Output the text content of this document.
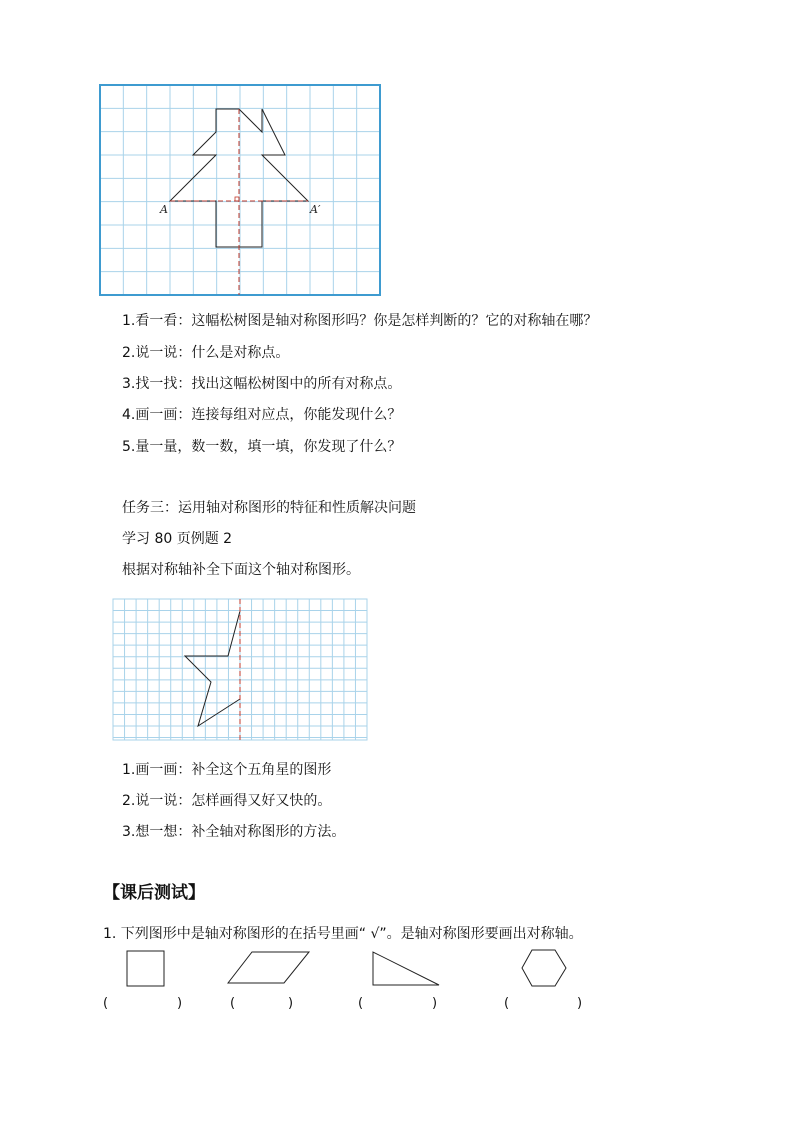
A	A′
1.看一看：这幅松树图是轴对称图形吗？你是怎样判断的？它的对称轴在哪？
2.说一说：什么是对称点。
3.找一找：找出这幅松树图中的所有对称点。
4.画一画：连接每组对应点，你能发现什么？
5.量一量，数一数，填一填，你发现了什么？
任务三：运用轴对称图形的特征和性质解决问题
学习 80 页例题 2
根据对称轴补全下面这个轴对称图形。
1.画一画：补全这个五角星的图形
2.说一说：怎样画得又好又快的。
3.想一想：补全轴对称图形的方法。
【课后测试】
1. 下列图形中是轴对称图形的在括号里画“ √”。是轴对称图形要画出对称轴。
(	)	(	)	(	)	(	)
